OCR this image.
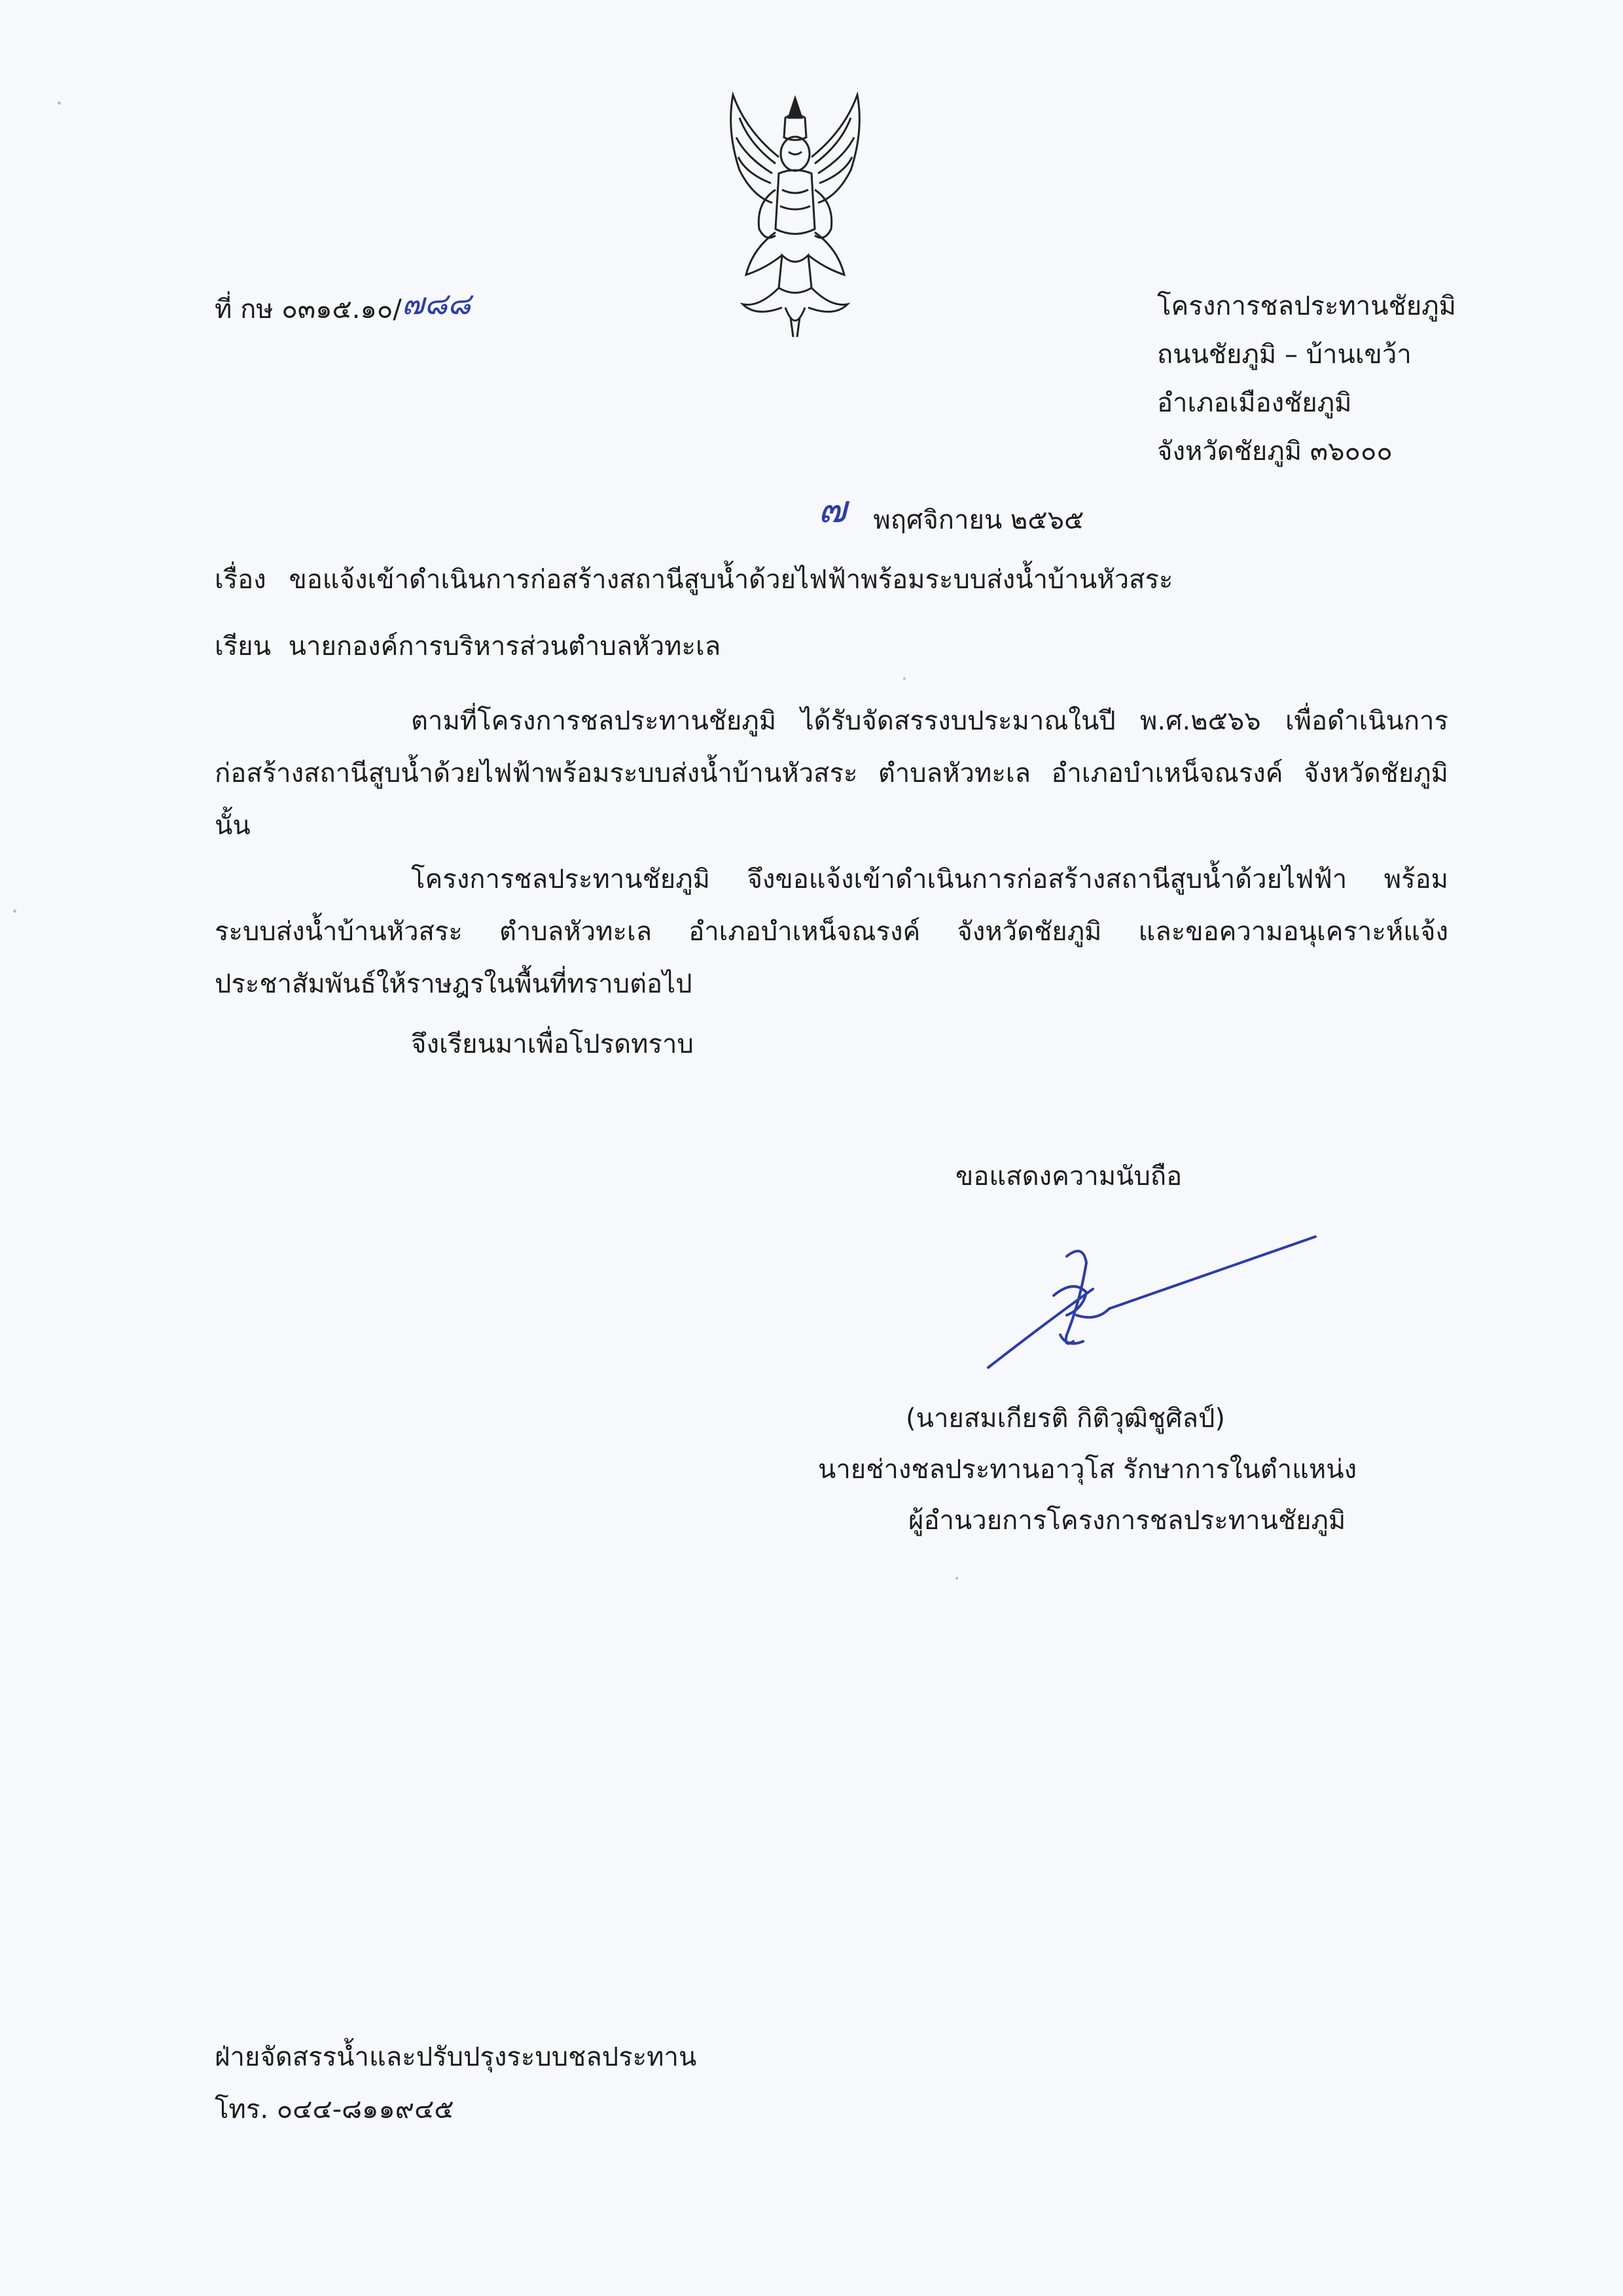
ที่ กษ ๐๓๑๕.๑๐/๗๘๘	โครงการชลประทานชัยภูมิ
ถนนชัยภูมิ – บ้านเขว้า
อำเภอเมืองชัยภูมิ
จังหวัดชัยภูมิ ๓๖๐๐๐
๗ พฤศจิกายน ๒๕๖๕
เรื่อง ขอแจ้งเข้าดำเนินการก่อสร้างสถานีสูบน้ำด้วยไฟฟ้าพร้อมระบบส่งน้ำบ้านหัวสระ
เรียน นายกองค์การบริหารส่วนตำบลหัวทะเล
ตามที่โครงการชลประทานชัยภูมิ ได้รับจัดสรรงบประมาณในปี พ.ศ.๒๕๖๖ เพื่อดำเนินการก่อสร้างสถานีสูบน้ำด้วยไฟฟ้าพร้อมระบบส่งน้ำบ้านหัวสระ ตำบลหัวทะเล อำเภอบำเหน็จณรงค์ จังหวัดชัยภูมิ นั้น
โครงการชลประทานชัยภูมิ จึงขอแจ้งเข้าดำเนินการก่อสร้างสถานีสูบน้ำด้วยไฟฟ้า พร้อมระบบส่งน้ำบ้านหัวสระ ตำบลหัวทะเล อำเภอบำเหน็จณรงค์ จังหวัดชัยภูมิ และขอความอนุเคราะห์แจ้งประชาสัมพันธ์ให้ราษฎรในพื้นที่ทราบต่อไป
จึงเรียนมาเพื่อโปรดทราบ
ขอแสดงความนับถือ
(นายสมเกียรติ กิติวุฒิชูศิลป์)
นายช่างชลประทานอาวุโส รักษาการในตำแหน่ง
ผู้อำนวยการโครงการชลประทานชัยภูมิ
ฝ่ายจัดสรรน้ำและปรับปรุงระบบชลประทาน
โทร. ๐๔๔-๘๑๑๙๔๕
